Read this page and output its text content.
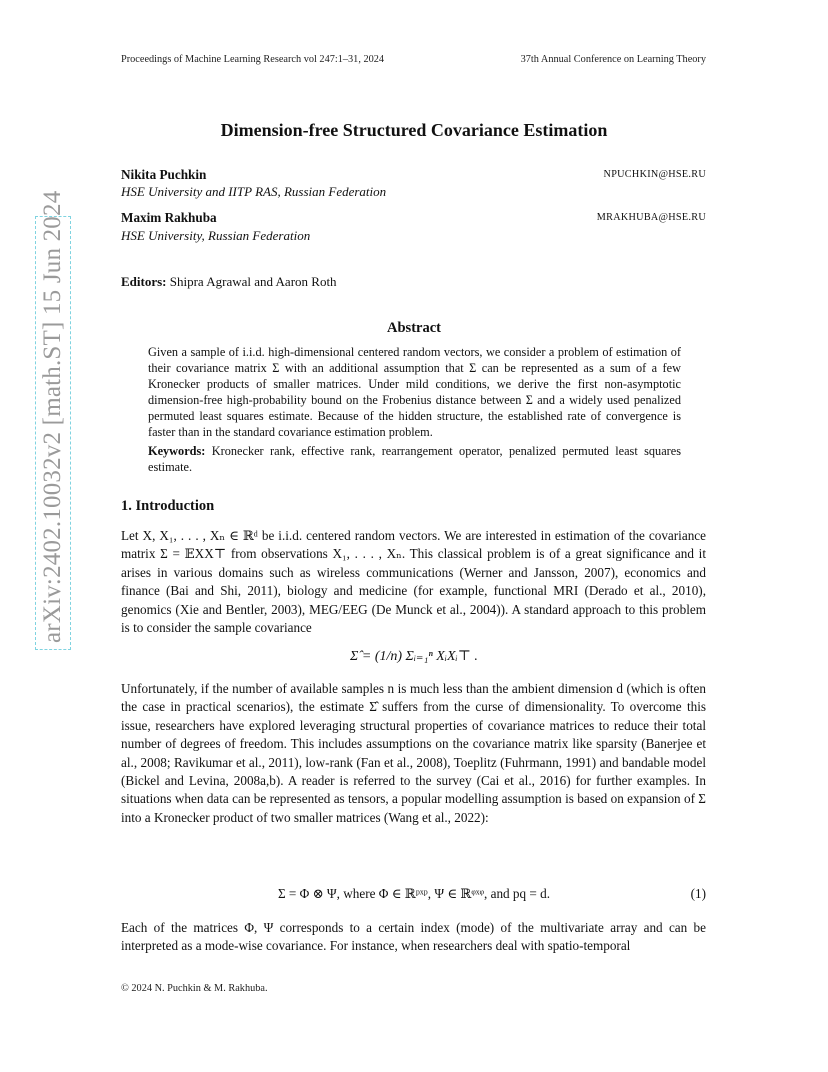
Proceedings of Machine Learning Research vol 247:1–31, 2024	37th Annual Conference on Learning Theory
arXiv:2402.10032v2 [math.ST] 15 Jun 2024
Dimension-free Structured Covariance Estimation
Nikita Puchkin	NPUCHKIN@HSE.RU
HSE University and IITP RAS, Russian Federation
Maxim Rakhuba	MRAKHUBA@HSE.RU
HSE University, Russian Federation
Editors: Shipra Agrawal and Aaron Roth
Abstract
Given a sample of i.i.d. high-dimensional centered random vectors, we consider a problem of estimation of their covariance matrix Σ with an additional assumption that Σ can be represented as a sum of a few Kronecker products of smaller matrices. Under mild conditions, we derive the first non-asymptotic dimension-free high-probability bound on the Frobenius distance between Σ and a widely used penalized permuted least squares estimate. Because of the hidden structure, the established rate of convergence is faster than in the standard covariance estimation problem.
Keywords: Kronecker rank, effective rank, rearrangement operator, penalized permuted least squares estimate.
1. Introduction
Let X, X₁, . . . , Xₙ ∈ ℝᵈ be i.i.d. centered random vectors. We are interested in estimation of the covariance matrix Σ = 𝔼XX⊤ from observations X₁, . . . , Xₙ. This classical problem is of a great significance and it arises in various domains such as wireless communications (Werner and Jansson, 2007), economics and finance (Bai and Shi, 2011), biology and medicine (for example, functional MRI (Derado et al., 2010), genomics (Xie and Bentler, 2003), MEG/EEG (De Munck et al., 2004)). A standard approach to this problem is to consider the sample covariance
Σ̂ = (1/n) Σᵢ₌₁ⁿ XᵢXᵢ⊤ .
Unfortunately, if the number of available samples n is much less than the ambient dimension d (which is often the case in practical scenarios), the estimate Σ̂ suffers from the curse of dimensionality. To overcome this issue, researchers have explored leveraging structural properties of covariance matrices to reduce their total number of degrees of freedom. This includes assumptions on the covariance matrix like sparsity (Banerjee et al., 2008; Ravikumar et al., 2011), low-rank (Fan et al., 2008), Toeplitz (Fuhrmann, 1991) and bandable model (Bickel and Levina, 2008a,b). A reader is referred to the survey (Cai et al., 2016) for further examples. In situations when data can be represented as tensors, a popular modelling assumption is based on expansion of Σ into a Kronecker product of two smaller matrices (Wang et al., 2022):
Σ = Φ ⊗ Ψ, where Φ ∈ ℝᵖˣᵖ, Ψ ∈ ℝᵠˣᵠ, and pq = d.	(1)
Each of the matrices Φ, Ψ corresponds to a certain index (mode) of the multivariate array and can be interpreted as a mode-wise covariance. For instance, when researchers deal with spatio-temporal
© 2024 N. Puchkin & M. Rakhuba.
